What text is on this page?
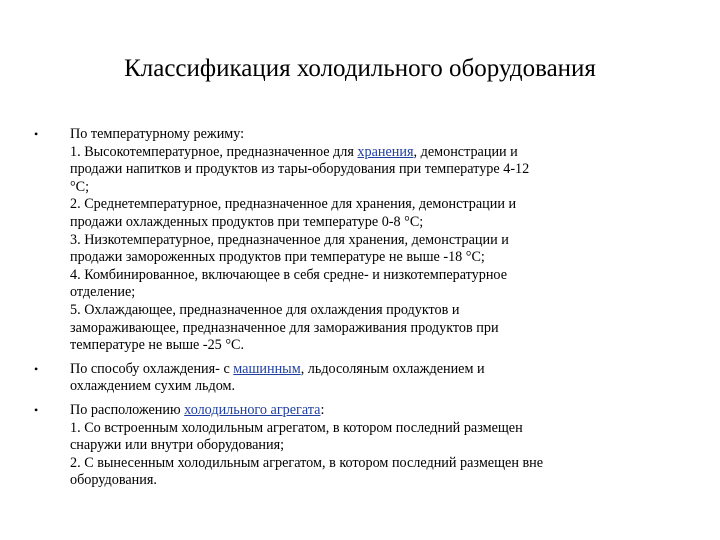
Классификация холодильного оборудования
•	По температурному режиму:
1. Высокотемпературное, предназначенное для хранения, демонстрации и
продажи напитков и продуктов из тары-оборудования при температуре 4-12
°С;
2. Среднетемпературное, предназначенное для хранения, демонстрации и
продажи охлажденных продуктов при температуре 0-8 °С;
3. Низкотемпературное, предназначенное для хранения, демонстрации и
продажи замороженных продуктов при температуре не выше -18 °С;
4. Комбинированное, включающее в себя средне- и низкотемпературное
отделение;
5. Охлаждающее, предназначенное для охлаждения продуктов и
замораживающее, предназначенное для замораживания продуктов при
температуре не выше -25 °С.
•	По способу охлаждения- с машинным, льдосоляным охлаждением и
охлаждением сухим льдом.
•	По расположению холодильного агрегата:
1. Со встроенным холодильным агрегатом, в котором последний размещен
снаружи или внутри оборудования;
2. С вынесенным холодильным агрегатом, в котором последний размещен вне
оборудования.
